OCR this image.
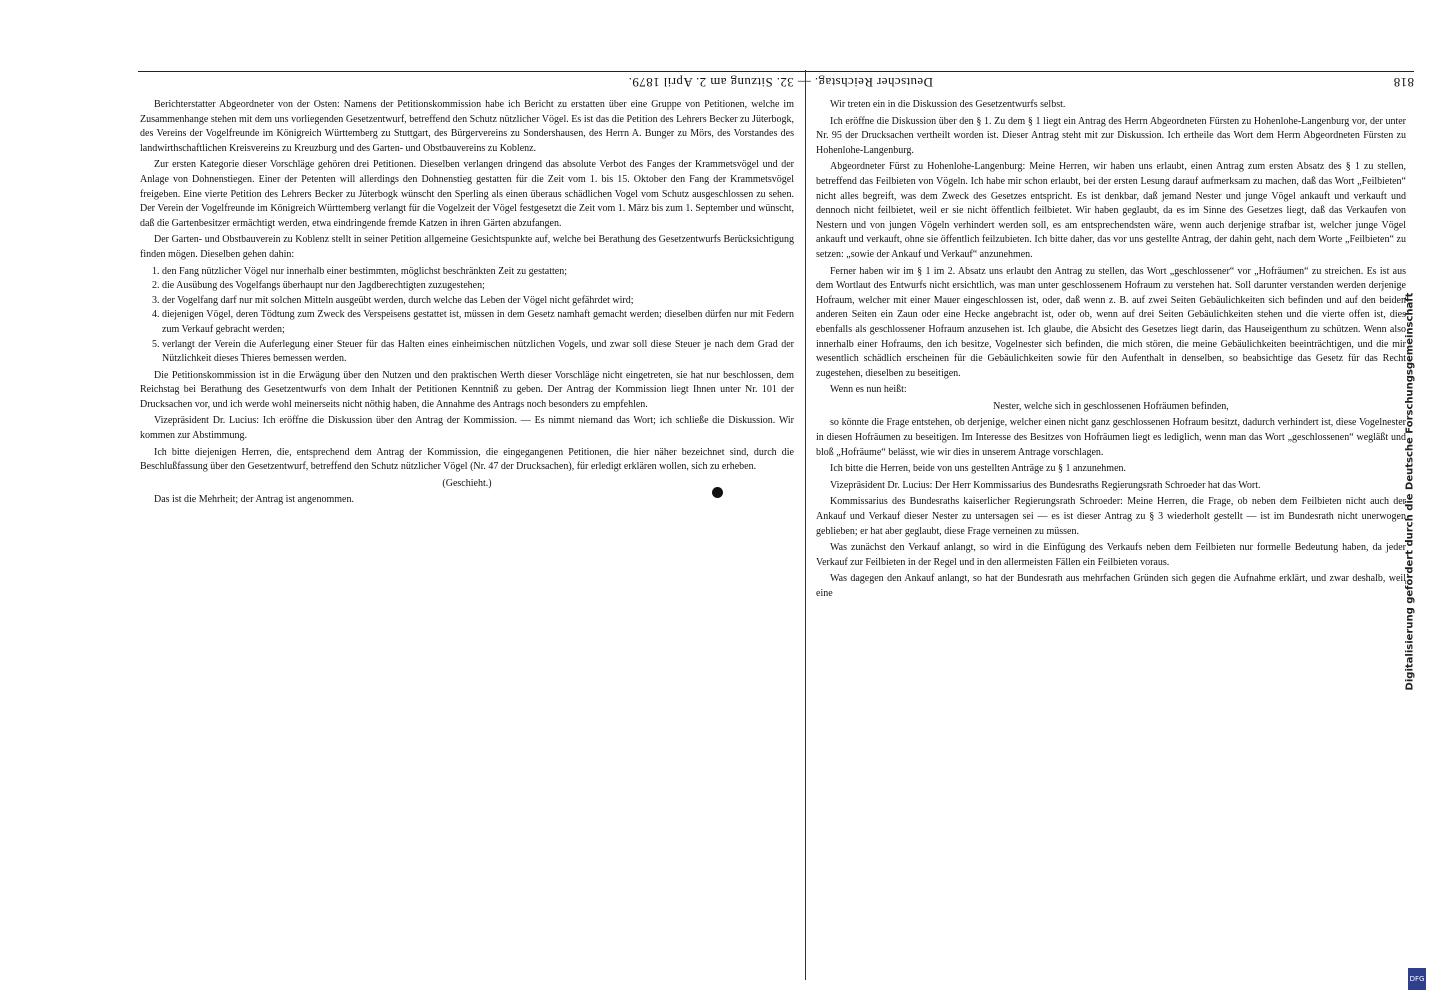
818
Deutscher Reichstag. — 32. Sitzung am 2. April 1879.

Wir treten ein in die Diskussion des Gesetzentwurfs selbst.

Ich eröffne die Diskussion über den § 1. Zu dem § 1 liegt ein Antrag des Herrn Abgeordneten Fürsten zu Hohenlohe-Langenburg vor, der unter Nr. 95 der Drucksachen vertheilt worden ist. Dieser Antrag steht mit zur Diskussion. Ich ertheile das Wort dem Herrn Abgeordneten Fürsten zu Hohenlohe-Langenburg.

Abgeordneter Fürst zu Hohenlohe-Langenburg: Meine Herren, wir haben uns erlaubt, einen Antrag zum ersten Absatz des § 1 zu stellen, betreffend das Feilbieten von Vögeln. Ich habe mir schon erlaubt, bei der ersten Lesung darauf aufmerksam zu machen, daß das Wort „Feilbieten“ nicht alles begreift, was dem Zweck des Gesetzes entspricht. Es ist denkbar, daß jemand Nester und junge Vögel ankauft und verkauft und dennoch nicht feilbietet, weil er sie nicht öffentlich feilbietet. Wir haben geglaubt, da es im Sinne des Gesetzes liegt, daß das Verkaufen von Nestern und von jungen Vögeln verhindert werden soll, es am entsprechendsten wäre, wenn auch derjenige strafbar ist, welcher junge Vögel ankauft und verkauft, ohne sie öffentlich feilzubieten. Ich bitte daher, das vor uns gestellte Antrag, der dahin geht, nach dem Worte „Feilbieten“ zu setzen: „sowie der Ankauf und Verkauf“ anzunehmen.

Ferner haben wir im § 1 im 2. Absatz uns erlaubt den Antrag zu stellen, das Wort „geschlossener“ vor „Hofräumen“ zu streichen. Es ist aus dem Wortlaut des Entwurfs nicht ersichtlich, was man unter geschlossenem Hofraum zu verstehen hat. Soll darunter verstanden werden derjenige Hofraum, welcher mit einer Mauer eingeschlossen ist, oder, daß wenn z. B. auf zwei Seiten Gebäulichkeiten sich befinden und auf den beiden anderen Seiten ein Zaun oder eine Hecke angebracht ist, oder ob, wenn auf drei Seiten Gebäulichkeiten stehen und die vierte offen ist, dies ebenfalls als geschlossener Hofraum anzusehen ist. Ich glaube, die Absicht des Gesetzes liegt darin, das Hauseigenthum zu schützen. Wenn also innerhalb einer Hofraums, den ich besitze, Vogelnester sich befinden, die mich stören, die meine Gebäulichkeiten beeinträchtigen, und die mir wesentlich schädlich erscheinen für die Gebäulichkeiten sowie für den Aufenthalt in denselben, so beabsichtige das Gesetz für das Recht zugestehen, dieselben zu beseitigen.

Wenn es nun heißt:

Nester, welche sich in geschlossenen Hofräumen befinden,

so könnte die Frage entstehen, ob derjenige, welcher einen nicht ganz geschlossenen Hofraum besitzt, dadurch verhindert ist, diese Vogelnester in diesen Hofräumen zu beseitigen. Im Interesse des Besitzes von Hofräumen liegt es lediglich, wenn man das Wort „geschlossenen“ wegläßt und bloß „Hofräume“ belässt, wie wir dies in unserem Antrage vorschlagen.

Ich bitte die Herren, beide von uns gestellten Anträge zu § 1 anzunehmen.

Vizepräsident Dr. Lucius: Der Herr Kommissarius des Bundesraths Regierungsrath Schroeder hat das Wort.

Kommissarius des Bundesraths kaiserlicher Regierungsrath Schroeder: Meine Herren, die Frage, ob neben dem Feilbieten nicht auch der Ankauf und Verkauf dieser Nester zu untersagen sei — es ist dieser Antrag zu § 3 wiederholt gestellt — ist im Bundesrath nicht unerwogen geblieben; er hat aber geglaubt, diese Frage verneinen zu müssen.

Was zunächst den Verkauf anlangt, so wird in die Einfügung des Verkaufs neben dem Feilbieten nur formelle Bedeutung haben, da jeder Verkauf zur Feilbieten in der Regel und in den allermeisten Fällen ein Feilbieten voraus.

Was dagegen den Ankauf anlangt, so hat der Bundesrath aus mehrfachen Gründen sich gegen die Aufnahme erklärt, und zwar deshalb, weil eine

Berichterstatter Abgeordneter von der Osten: Namens der Petitionskommission habe ich Bericht zu erstatten über eine Gruppe von Petitionen, welche im Zusammenhange stehen mit dem uns vorliegenden Gesetzentwurf, betreffend den Schutz nützlicher Vögel. Es ist das die Petition des Lehrers Becker zu Jüterbogk, des Vereins der Vogelfreunde im Königreich Württemberg zu Stuttgart, des Bürgervereins zu Sondershausen, des Herrn A. Bunger zu Mörs, des Vorstandes des landwirthschaftlichen Kreisvereins zu Kreuzburg und des Garten- und Obstbauvereins zu Koblenz.

Zur ersten Kategorie dieser Vorschläge gehören drei Petitionen. Dieselben verlangen dringend das absolute Verbot des Fanges der Krammetsvögel und der Anlage von Dohnenstiegen. Einer der Petenten will allerdings den Dohnenstieg gestatten für die Zeit vom 1. bis 15. Oktober den Fang der Krammetsvögel freigeben. Eine vierte Petition des Lehrers Becker zu Jüterbogk wünscht den Sperling als einen überaus schädlichen Vogel vom Schutz ausgeschlossen zu sehen. Der Verein der Vogelfreunde im Königreich Württemberg verlangt für die Vogelzeit der Vögel festgesetzt die Zeit vom 1. März bis zum 1. September und wünscht, daß die Gartenbesitzer ermächtigt werden, etwa eindringende fremde Katzen in ihren Gärten abzufangen.

Der Garten- und Obstbauverein zu Koblenz stellt in seiner Petition allgemeine Gesichtspunkte auf, welche bei Berathung des Gesetzentwurfs Berücksichtigung finden mögen. Dieselben gehen dahin:

1. den Fang nützlicher Vögel nur innerhalb einer bestimmten, möglichst beschränkten Zeit zu gestatten;
2. die Ausübung des Vogelfangs überhaupt nur den Jagdberechtigten zuzugestehen;
3. der Vogelfang darf nur mit solchen Mitteln ausgeübt werden, durch welche das Leben der Vögel nicht gefährdet wird;
4. diejenigen Vögel, deren Tödtung zum Zweck des Verspeisens gestattet ist, müssen in dem Gesetz namhaft gemacht werden; dieselben dürfen nur mit Federn zum Verkauf gebracht werden;
5. verlangt der Verein die Auferlegung einer Steuer für das Halten eines einheimischen nützlichen Vogels, und zwar soll diese Steuer je nach dem Grad der Nützlichkeit dieses Thieres bemessen werden.

Die Petitionskommission ist in die Erwägung über den Nutzen und den praktischen Werth dieser Vorschläge nicht eingetreten, sie hat nur beschlossen, dem Reichstag bei Berathung des Gesetzentwurfs von dem Inhalt der Petitionen Kenntniß zu geben. Der Antrag der Kommission liegt Ihnen unter Nr. 101 der Drucksachen vor, und ich werde wohl meinerseits nicht nöthig haben, die Annahme des Antrags noch besonders zu empfehlen.

Vizepräsident Dr. Lucius: Ich eröffne die Diskussion über den Antrag der Kommission. — Es nimmt niemand das Wort; ich schließe die Diskussion. Wir kommen zur Abstimmung.

Ich bitte diejenigen Herren, die, entsprechend dem Antrag der Kommission, die eingegangenen Petitionen, die hier näher bezeichnet sind, durch die Beschlußfassung über den Gesetzentwurf, betreffend den Schutz nützlicher Vögel (Nr. 47 der Drucksachen), für erledigt erklären wollen, sich zu erheben.

(Geschieht.)

Das ist die Mehrheit; der Antrag ist angenommen.	Digitalisierung gefördert durch die Deutsche Forschungsgemeinschaft
DFG
